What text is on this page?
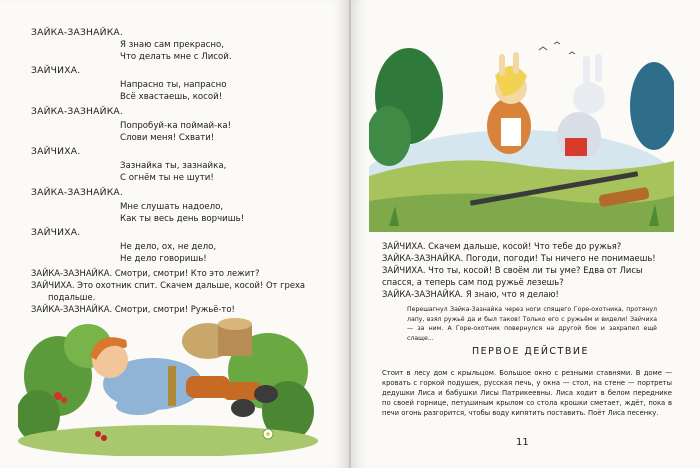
ЗАЙКА-ЗАЗНАЙКА.
Я знаю сам прекрасно,
Что делать мне с Лисой.
ЗАЙЧИХА.
Напрасно ты, напрасно
Всё хвастаешь, косой!
ЗАЙКА-ЗАЗНАЙКА.
Попробуй-ка поймай-ка!
Слови меня! Схвати!
ЗАЙЧИХА.
Зазнайка ты, зазнайка,
С огнём ты не шути!
ЗАЙКА-ЗАЗНАЙКА.
Мне слушать надоело,
Как ты весь день ворчишь!
ЗАЙЧИХА.
Не дело, ох, не дело,
Не дело говоришь!
ЗАЙКА-ЗАЗНАЙКА. Смотри, смотри! Кто это лежит?
ЗАЙЧИХА. Это охотник спит. Скачем дальше, косой! От греха
подальше.
ЗАЙКА-ЗАЗНАЙКА. Смотри, смотри! Ружьё-то!
ЗАЙЧИХА. Скачем дальше, косой! Что тебе до ружья?
ЗАЙКА-ЗАЗНАЙКА. Погоди, погоди! Ты ничего не понимаешь!
ЗАЙЧИХА. Что ты, косой! В своём ли ты уме? Едва от Лисы
спасся, а теперь сам под ружьё лезешь?
ЗАЙКА-ЗАЗНАЙКА. Я знаю, что я делаю!
Перешагнул Зайка-Зазнайка через ноги спящего Горе-охотника, протянул лапу, взял ружьё да и был таков! Только его с ружьём и видели! Зайчиха — за ним. А Горе-охотник повернулся на другой бок и захрапел ещё слаще...
ПЕРВОЕ ДЕЙСТВИЕ
Стоит в лесу дом с крыльцом. Большое окно с резными ставнями. В доме — кровать с горкой подушек, русская печь, у окна — стол, на стене — портреты дедушки Лиса и бабушки Лисы Патрикеевны. Лиса ходит в белом переднике по своей горнице, петушиным крылом со стола крошки сметает, ждёт, пока в печи огонь разгорится, чтобы воду кипятить поставить. Поёт Лиса песенку.
11
